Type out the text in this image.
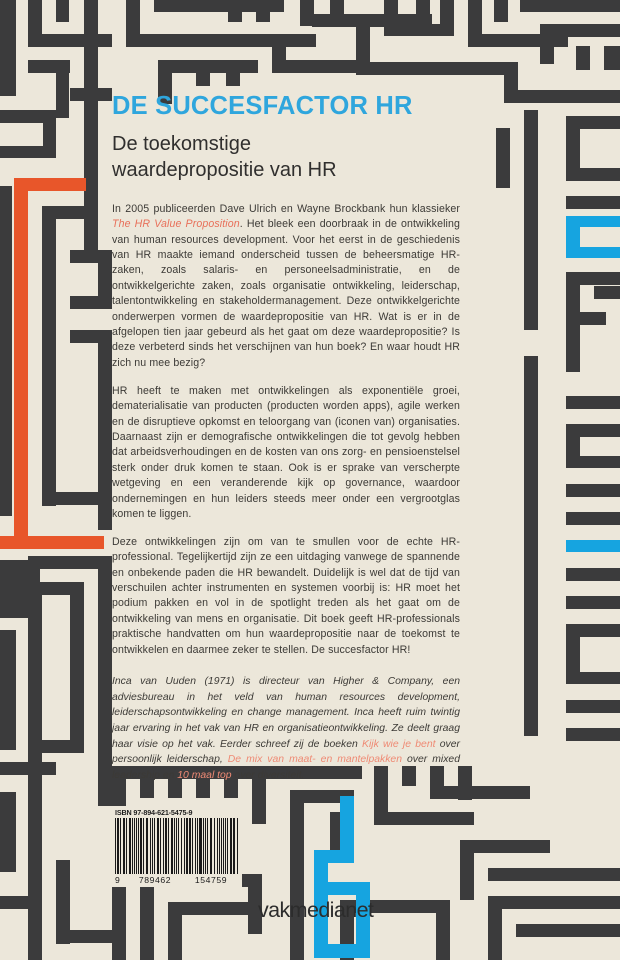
DE SUCCESFACTOR HR
De toekomstige
waardepropositie van HR

In 2005 publiceerden Dave Ulrich en Wayne Brockbank hun klassieker The HR Value Proposition. Het bleek een doorbraak in de ontwikkeling van human resources development. Voor het eerst in de geschiedenis van HR maakte iemand onderscheid tussen de beheersmatige HR-zaken, zoals salaris- en personeelsadministratie, en de ontwikkelgerichte zaken, zoals organisatie ontwikkeling, leiderschap, talentontwikkeling en stakeholdermanagement. Deze ontwikkelgerichte onderwerpen vormen de waardepropositie van HR. Wat is er in de afgelopen tien jaar gebeurd als het gaat om deze waardepropositie? Is deze verbeterd sinds het verschijnen van hun boek? En waar houdt HR zich nu mee bezig?

HR heeft te maken met ontwikkelingen als exponentiële groei, dematerialisatie van producten (producten worden apps), agile werken en de disruptieve opkomst en teloorgang van (iconen van) organisaties. Daarnaast zijn er demografische ontwikkelingen die tot gevolg hebben dat arbeidsverhoudingen en de kosten van ons zorg- en pensioenstelsel sterk onder druk komen te staan. Ook is er sprake van verscherpte wetgeving en een veranderende kijk op governance, waardoor ondernemingen en hun leiders steeds meer onder een vergrootglas komen te liggen.

Deze ontwikkelingen zijn om van te smullen voor de echte HR-professional. Tegelijkertijd zijn ze een uitdaging vanwege de spannende en onbekende paden die HR bewandelt. Duidelijk is wel dat de tijd van verschuilen achter instrumenten en systemen voorbij is: HR moet het podium pakken en vol in de spotlight treden als het gaat om de ontwikkeling van mens en organisatie. Dit boek geeft HR-professionals praktische handvatten om hun waardepropositie naar de toekomst te ontwikkelen en daarmee zeker te stellen. De succesfactor HR!

Inca van Uuden (1971) is directeur van Higher & Company, een adviesbureau in het veld van human resources development, leiderschapsontwikkeling en change management. Inca heeft ruim twintig jaar ervaring in het vak van HR en organisatieontwikkeling. Ze deelt graag haar visie op het vak. Eerder schreef zij de boeken Kijk wie je bent over persoonlijk leiderschap, De mix van maat- en mantelpakken over mixed leadership en 10 maal top over diversiteit.

ISBN 97-894-621-5475-9
9	789462	154759
vakmedianet
